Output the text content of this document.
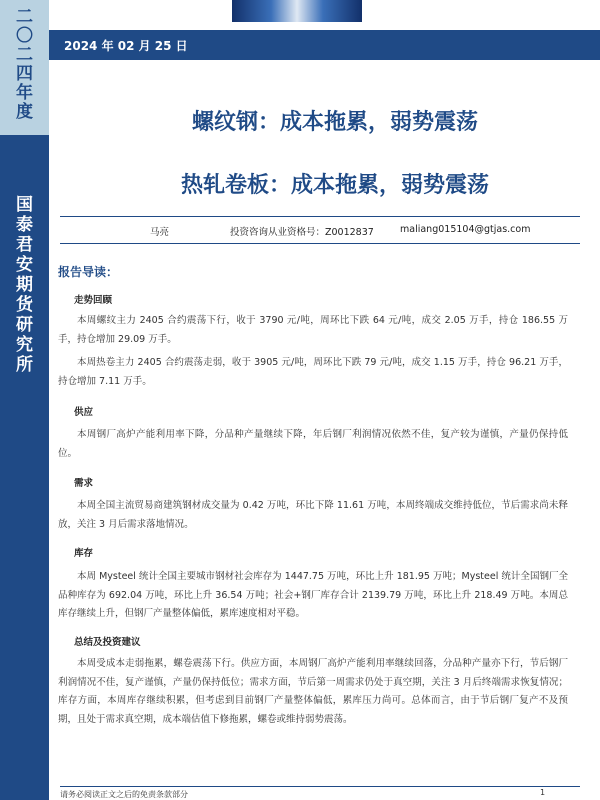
二
〇
二
四
年
度
国
泰
君
安
期
货
研
究
所
2024 年 02 月 25 日
螺纹钢：成本拖累，弱势震荡
热轧卷板：成本拖累，弱势震荡
马亮	投资咨询从业资格号：Z0012837	maliang015104@gtjas.com
报告导读：
走势回顾

本周螺纹主力 2405 合约震荡下行，收于 3790 元/吨，周环比下跌 64 元/吨，成交 2.05 万手，持仓 186.55 万手，持仓增加 29.09 万手。

本周热卷主力 2405 合约震荡走弱，收于 3905 元/吨，周环比下跌 79 元/吨，成交 1.15 万手，持仓 96.21 万手，持仓增加 7.11 万手。

供应

本周钢厂高炉产能利用率下降，分品种产量继续下降，年后钢厂利润情况依然不佳，复产较为谨慎，产量仍保持低位。

需求

本周全国主流贸易商建筑钢材成交量为 0.42 万吨，环比下降 11.61 万吨，本周终端成交维持低位，节后需求尚未释放，关注 3 月后需求落地情况。

库存

本周 Mysteel 统计全国主要城市钢材社会库存为 1447.75 万吨，环比上升 181.95 万吨；Mysteel 统计全国钢厂全品种库存为 692.04 万吨，环比上升 36.54 万吨；社会+钢厂库存合计 2139.79 万吨，环比上升 218.49 万吨。本周总库存继续上升，但钢厂产量整体偏低，累库速度相对平稳。

总结及投资建议

本周受成本走弱拖累，螺卷震荡下行。供应方面，本周钢厂高炉产能利用率继续回落，分品种产量亦下行，节后钢厂利润情况不佳，复产谨慎，产量仍保持低位；需求方面，节后第一周需求仍处于真空期，关注 3 月后终端需求恢复情况；库存方面，本周库存继续积累，但考虑到目前钢厂产量整体偏低，累库压力尚可。总体而言，由于节后钢厂复产不及预期，且处于需求真空期，成本端估值下修拖累，螺卷或维持弱势震荡。

请务必阅读正文之后的免责条款部分	1
